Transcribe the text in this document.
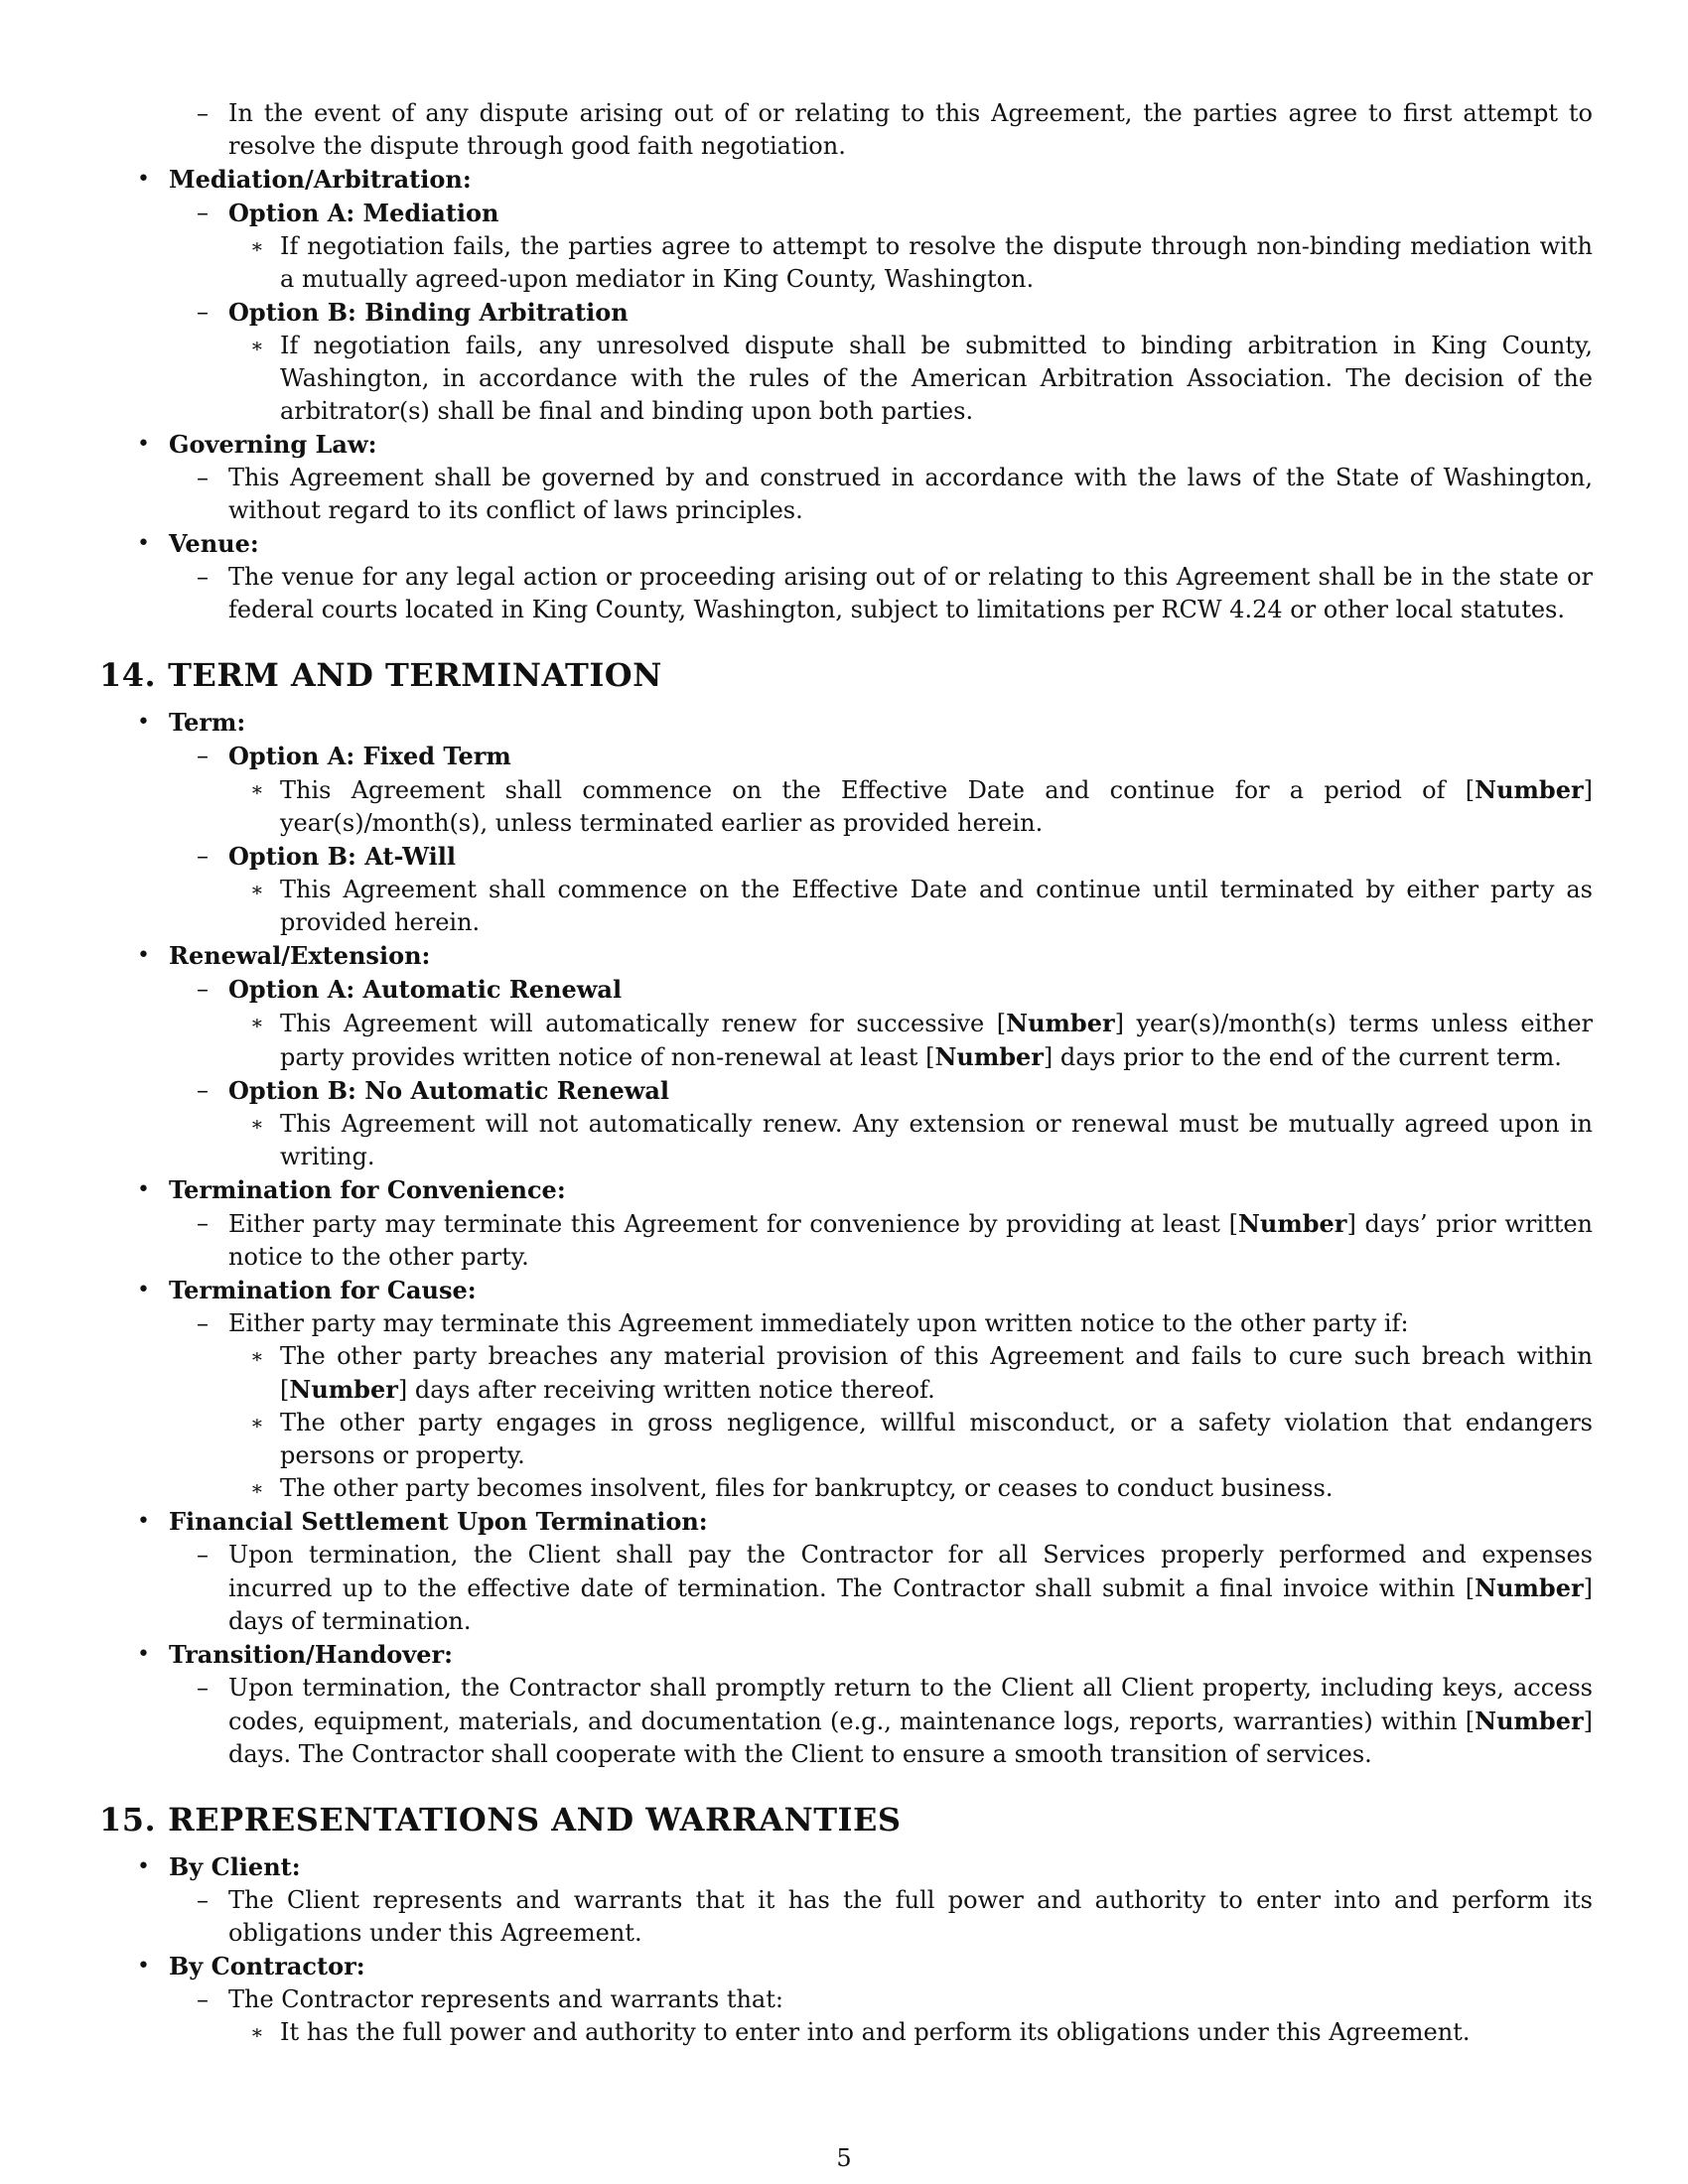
– In the event of any dispute arising out of or relating to this Agreement, the parties agree to first attempt to resolve the dispute through good faith negotiation.
• Mediation/Arbitration:
– Option A: Mediation
∗ If negotiation fails, the parties agree to attempt to resolve the dispute through non-binding mediation with a mutually agreed-upon mediator in King County, Washington.
– Option B: Binding Arbitration
∗ If negotiation fails, any unresolved dispute shall be submitted to binding arbitration in King County, Washington, in accordance with the rules of the American Arbitration Association. The decision of the arbitrator(s) shall be final and binding upon both parties.
• Governing Law:
– This Agreement shall be governed by and construed in accordance with the laws of the State of Washington, without regard to its conflict of laws principles.
• Venue:
– The venue for any legal action or proceeding arising out of or relating to this Agreement shall be in the state or federal courts located in King County, Washington, subject to limitations per RCW 4.24 or other local statutes.
14. TERM AND TERMINATION
• Term:
– Option A: Fixed Term
∗ This Agreement shall commence on the Effective Date and continue for a period of [Number] year(s)/month(s), unless terminated earlier as provided herein.
– Option B: At-Will
∗ This Agreement shall commence on the Effective Date and continue until terminated by either party as provided herein.
• Renewal/Extension:
– Option A: Automatic Renewal
∗ This Agreement will automatically renew for successive [Number] year(s)/month(s) terms unless either party provides written notice of non-renewal at least [Number] days prior to the end of the current term.
– Option B: No Automatic Renewal
∗ This Agreement will not automatically renew. Any extension or renewal must be mutually agreed upon in writing.
• Termination for Convenience:
– Either party may terminate this Agreement for convenience by providing at least [Number] days’ prior written notice to the other party.
• Termination for Cause:
– Either party may terminate this Agreement immediately upon written notice to the other party if:
∗ The other party breaches any material provision of this Agreement and fails to cure such breach within [Number] days after receiving written notice thereof.
∗ The other party engages in gross negligence, willful misconduct, or a safety violation that endangers persons or property.
∗ The other party becomes insolvent, files for bankruptcy, or ceases to conduct business.
• Financial Settlement Upon Termination:
– Upon termination, the Client shall pay the Contractor for all Services properly performed and expenses incurred up to the effective date of termination. The Contractor shall submit a final invoice within [Number] days of termination.
• Transition/Handover:
– Upon termination, the Contractor shall promptly return to the Client all Client property, including keys, access codes, equipment, materials, and documentation (e.g., maintenance logs, reports, warranties) within [Number] days. The Contractor shall cooperate with the Client to ensure a smooth transition of services.
15. REPRESENTATIONS AND WARRANTIES
• By Client:
– The Client represents and warrants that it has the full power and authority to enter into and perform its obligations under this Agreement.
• By Contractor:
– The Contractor represents and warrants that:
∗ It has the full power and authority to enter into and perform its obligations under this Agreement.
5
